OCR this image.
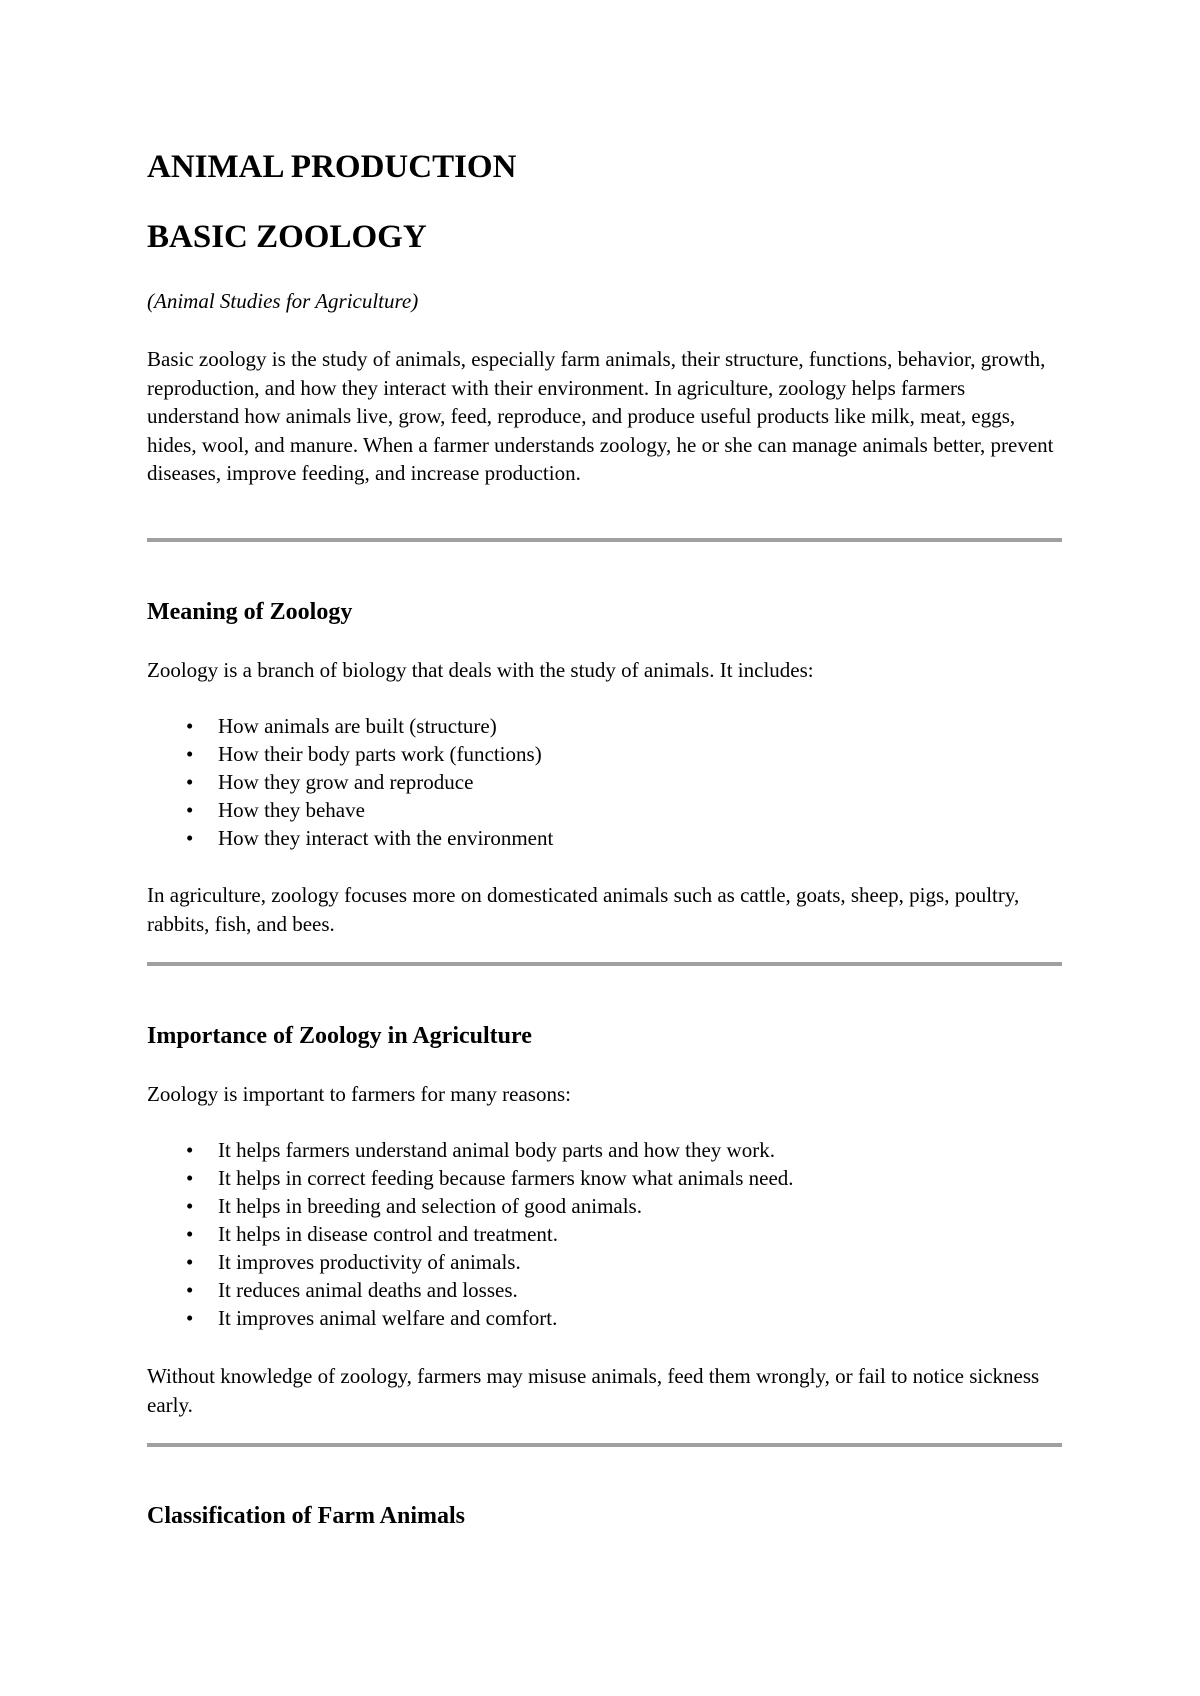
ANIMAL PRODUCTION
BASIC ZOOLOGY

(Animal Studies for Agriculture)

Basic zoology is the study of animals, especially farm animals, their structure, functions, behavior, growth, reproduction, and how they interact with their environment. In agriculture, zoology helps farmers understand how animals live, grow, feed, reproduce, and produce useful products like milk, meat, eggs, hides, wool, and manure. When a farmer understands zoology, he or she can manage animals better, prevent diseases, improve feeding, and increase production.

Meaning of Zoology

Zoology is a branch of biology that deals with the study of animals. It includes:

• How animals are built (structure)
• How their body parts work (functions)
• How they grow and reproduce
• How they behave
• How they interact with the environment

In agriculture, zoology focuses more on domesticated animals such as cattle, goats, sheep, pigs, poultry, rabbits, fish, and bees.

Importance of Zoology in Agriculture

Zoology is important to farmers for many reasons:

• It helps farmers understand animal body parts and how they work.
• It helps in correct feeding because farmers know what animals need.
• It helps in breeding and selection of good animals.
• It helps in disease control and treatment.
• It improves productivity of animals.
• It reduces animal deaths and losses.
• It improves animal welfare and comfort.

Without knowledge of zoology, farmers may misuse animals, feed them wrongly, or fail to notice sickness early.

Classification of Farm Animals
